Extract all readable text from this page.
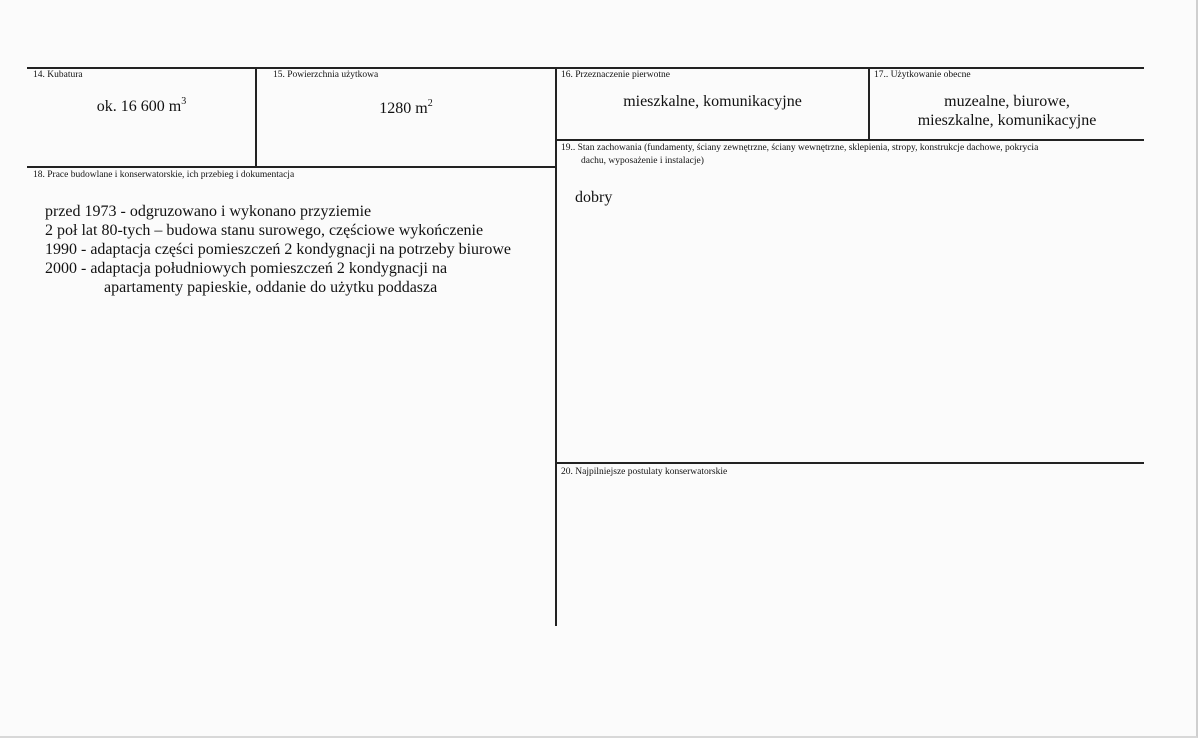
14. Kubatura
ok. 16 600 $m^3$
15. Powierzchnia użytkowa
1280 $m^2$
16. Przeznaczenie pierwotne
mieszkalne, komunikacyjne
17.. Użytkowanie obecne
muzealne, biurowe,
mieszkalne, komunikacyjne
19.. Stan zachowania (fundamenty, ściany zewnętrzne, ściany wewnętrzne, sklepienia, stropy, konstrukcje dachowe, pokrycia
dachu, wyposażenie i instalacje)
dobry
18. Prace budowlane i konserwatorskie, ich przebieg i dokumentacja
przed 1973 - odgruzowano i wykonano przyziemie
2 poł lat 80-tych – budowa stanu surowego, częściowe wykończenie
1990 - adaptacja części pomieszczeń 2 kondygnacji na potrzeby biurowe
2000 - adaptacja południowych pomieszczeń 2 kondygnacji na
apartamenty papieskie, oddanie do użytku poddasza
20. Najpilniejsze postulaty konserwatorskie
